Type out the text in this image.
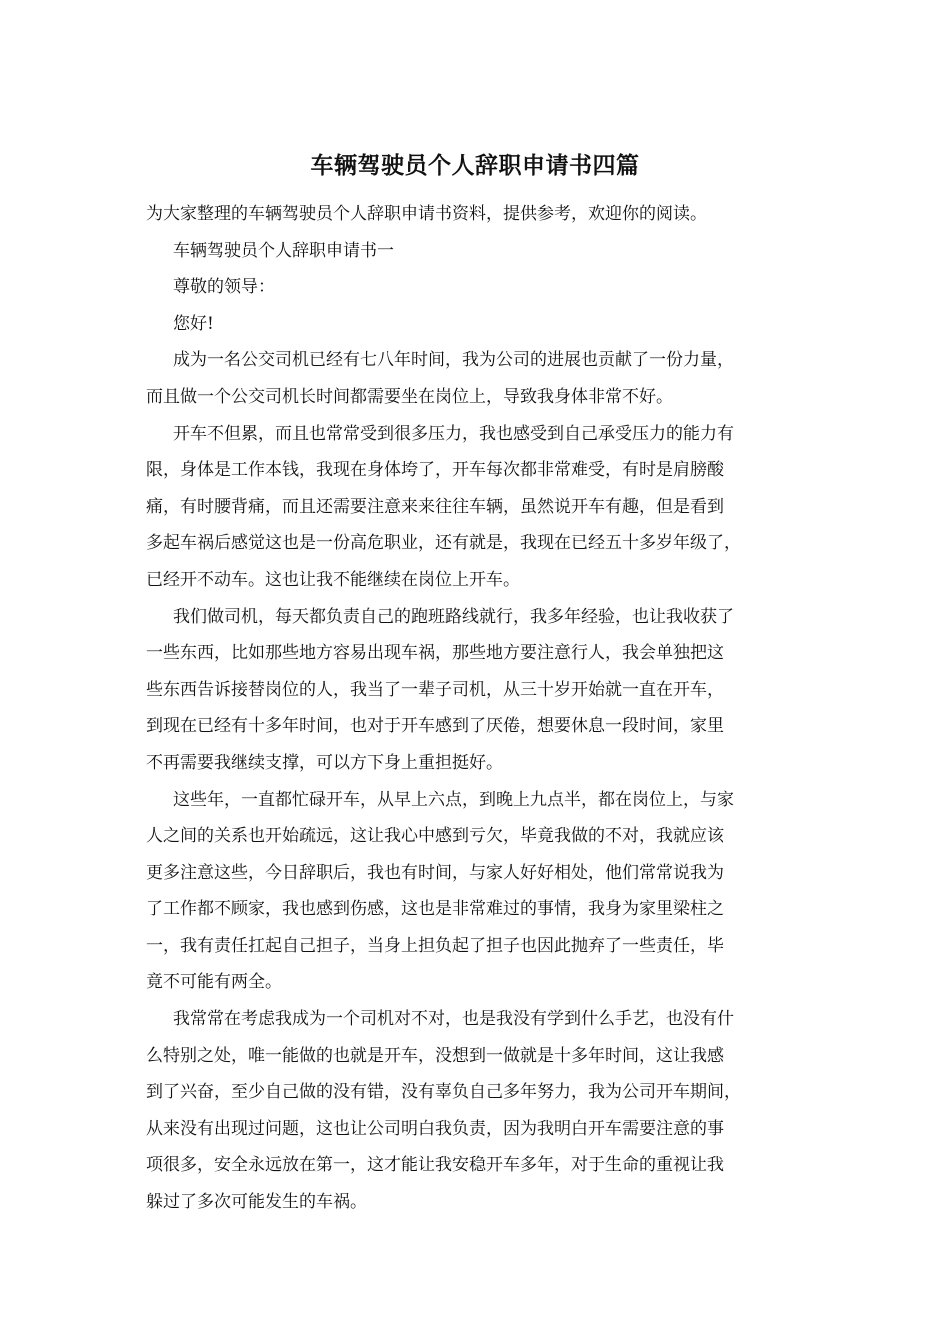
车辆驾驶员个人辞职申请书四篇
为大家整理的车辆驾驶员个人辞职申请书资料，提供参考，欢迎你的阅读。
车辆驾驶员个人辞职申请书一
尊敬的领导：
您好!
成为一名公交司机已经有七八年时间，我为公司的进展也贡献了一份力量，
而且做一个公交司机长时间都需要坐在岗位上，导致我身体非常不好。
开车不但累，而且也常常受到很多压力，我也感受到自己承受压力的能力有
限，身体是工作本钱，我现在身体垮了，开车每次都非常难受，有时是肩膀酸
痛，有时腰背痛，而且还需要注意来来往往车辆，虽然说开车有趣，但是看到
多起车祸后感觉这也是一份高危职业，还有就是，我现在已经五十多岁年级了，
已经开不动车。这也让我不能继续在岗位上开车。
我们做司机，每天都负责自己的跑班路线就行，我多年经验，也让我收获了
一些东西，比如那些地方容易出现车祸，那些地方要注意行人，我会单独把这
些东西告诉接替岗位的人，我当了一辈子司机，从三十岁开始就一直在开车，
到现在已经有十多年时间，也对于开车感到了厌倦，想要休息一段时间，家里
不再需要我继续支撑，可以方下身上重担挺好。
这些年，一直都忙碌开车，从早上六点，到晚上九点半，都在岗位上，与家
人之间的关系也开始疏远，这让我心中感到亏欠，毕竟我做的不对，我就应该
更多注意这些，今日辞职后，我也有时间，与家人好好相处，他们常常说我为
了工作都不顾家，我也感到伤感，这也是非常难过的事情，我身为家里梁柱之
一，我有责任扛起自己担子，当身上担负起了担子也因此抛弃了一些责任，毕
竟不可能有两全。
我常常在考虑我成为一个司机对不对，也是我没有学到什么手艺，也没有什
么特别之处，唯一能做的也就是开车，没想到一做就是十多年时间，这让我感
到了兴奋，至少自己做的没有错，没有辜负自己多年努力，我为公司开车期间，
从来没有出现过问题，这也让公司明白我负责，因为我明白开车需要注意的事
项很多，安全永远放在第一，这才能让我安稳开车多年，对于生命的重视让我
躲过了多次可能发生的车祸。
